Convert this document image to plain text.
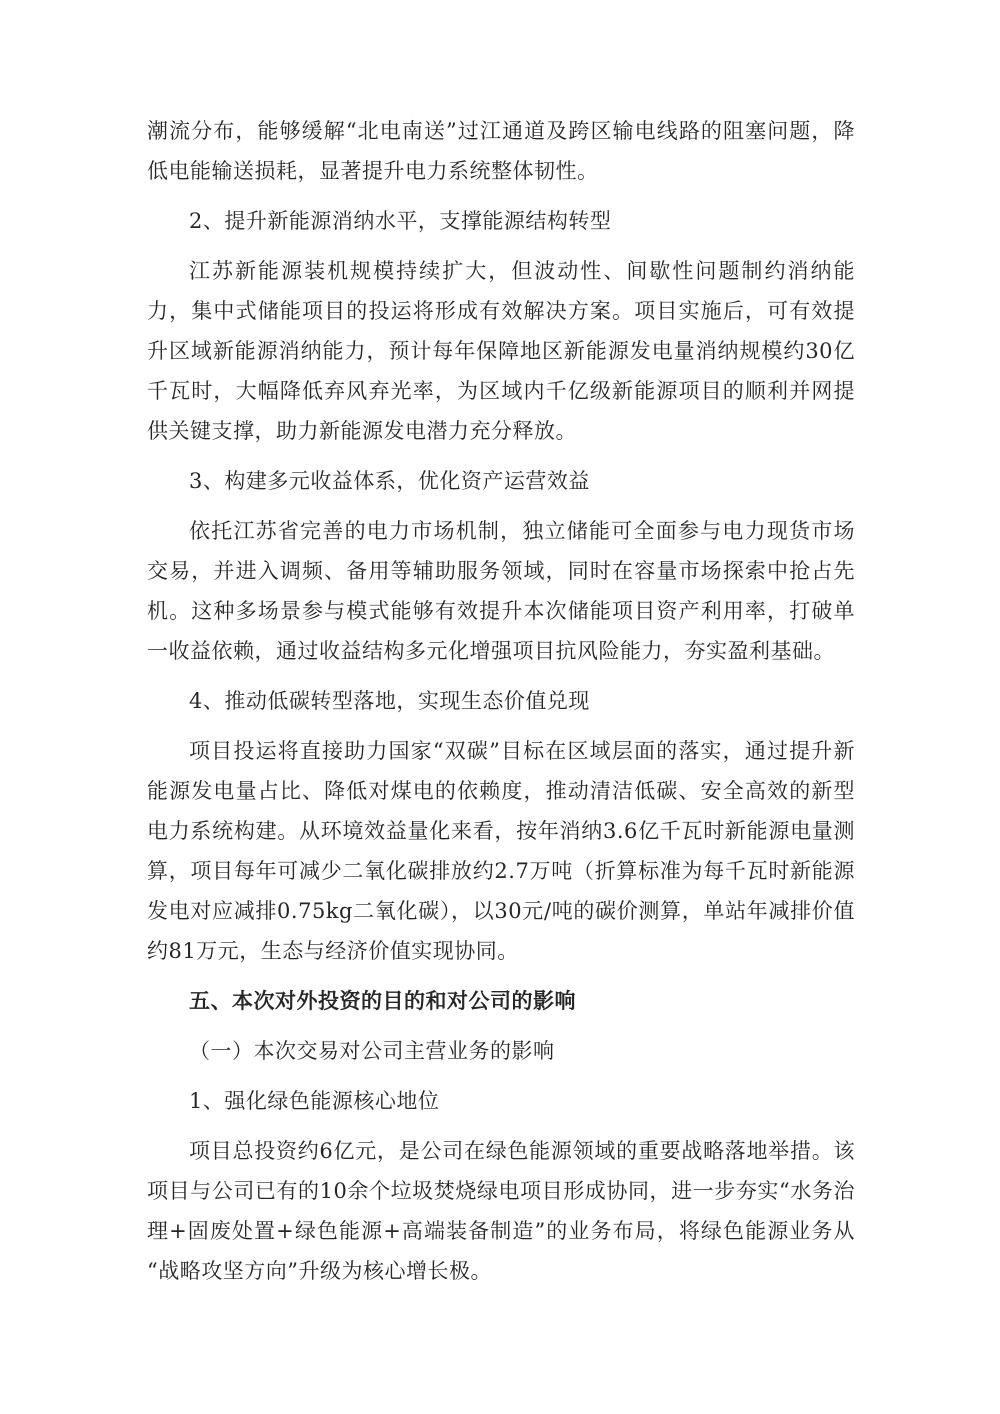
潮流分布，能够缓解“北电南送”过江通道及跨区输电线路的阻塞问题，降低电能输送损耗，显著提升电力系统整体韧性。

2、提升新能源消纳水平，支撑能源结构转型

江苏新能源装机规模持续扩大，但波动性、间歇性问题制约消纳能力，集中式储能项目的投运将形成有效解决方案。项目实施后，可有效提升区域新能源消纳能力，预计每年保障地区新能源发电量消纳规模约30亿千瓦时，大幅降低弃风弃光率，为区域内千亿级新能源项目的顺利并网提供关键支撑，助力新能源发电潜力充分释放。

3、构建多元收益体系，优化资产运营效益

依托江苏省完善的电力市场机制，独立储能可全面参与电力现货市场交易，并进入调频、备用等辅助服务领域，同时在容量市场探索中抢占先机。这种多场景参与模式能够有效提升本次储能项目资产利用率，打破单一收益依赖，通过收益结构多元化增强项目抗风险能力，夯实盈利基础。

4、推动低碳转型落地，实现生态价值兑现

项目投运将直接助力国家“双碳”目标在区域层面的落实，通过提升新能源发电量占比、降低对煤电的依赖度，推动清洁低碳、安全高效的新型电力系统构建。从环境效益量化来看，按年消纳3.6亿千瓦时新能源电量测算，项目每年可减少二氧化碳排放约2.7万吨（折算标准为每千瓦时新能源发电对应减排0.75kg二氧化碳），以30元/吨的碳价测算，单站年减排价值约81万元，生态与经济价值实现协同。

五、本次对外投资的目的和对公司的影响

（一）本次交易对公司主营业务的影响

1、强化绿色能源核心地位

项目总投资约6亿元，是公司在绿色能源领域的重要战略落地举措。该项目与公司已有的10余个垃圾焚烧绿电项目形成协同，进一步夯实“水务治理+固废处置+绿色能源+高端装备制造”的业务布局，将绿色能源业务从“战略攻坚方向”升级为核心增长极。
